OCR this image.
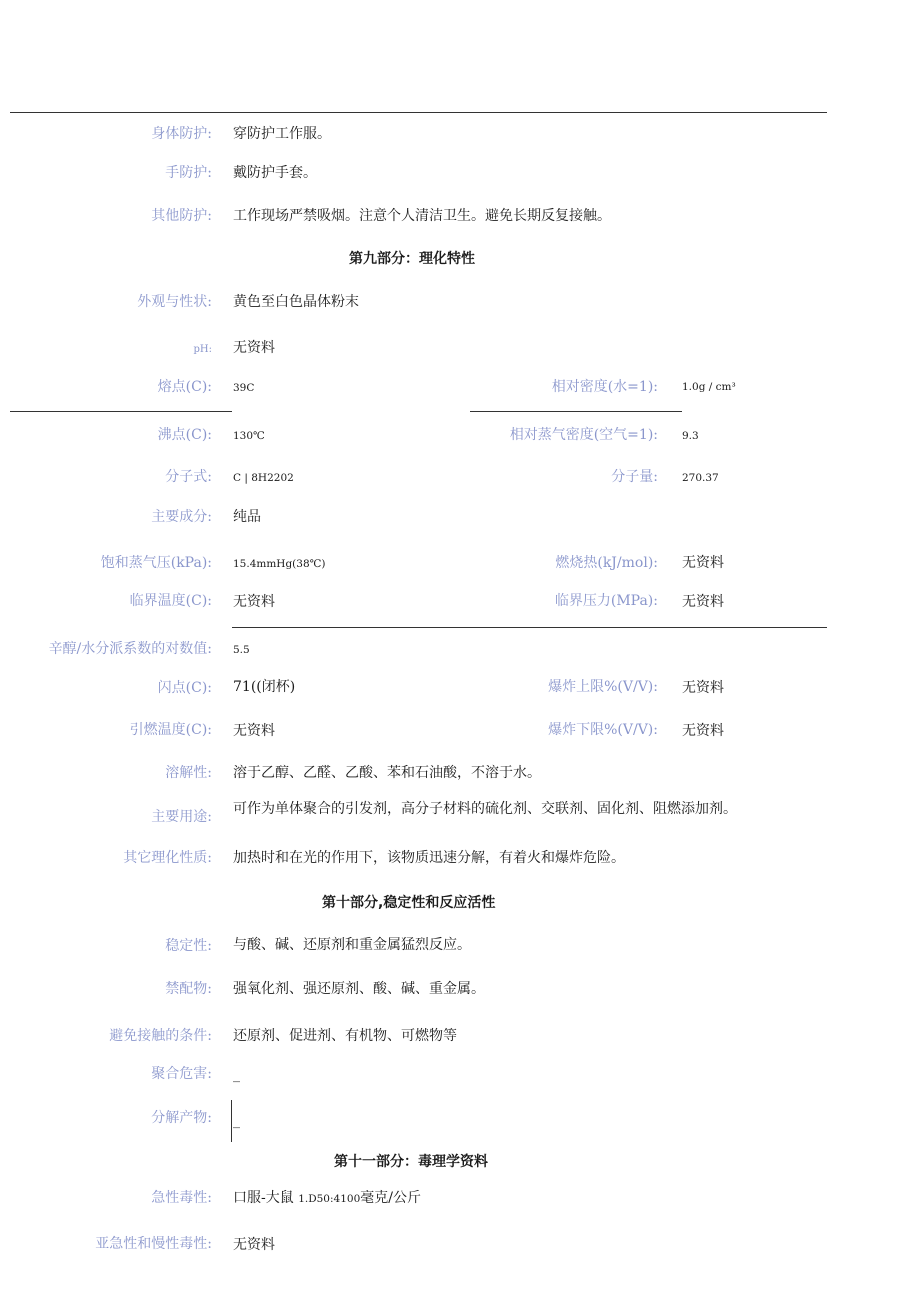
身体防护: 穿防护工作服。
手防护: 戴防护手套。
其他防护: 工作现场严禁吸烟。注意个人清洁卫生。避免长期反复接触。
第九部分：理化特性
外观与性状: 黄色至白色晶体粉末
pH: 无资料
熔点(C): 39C	相对密度(水=1): 1.0g / cm³
沸点(C): 130℃	相对蒸气密度(空气=1): 9.3
分子式: C | 8H2202	分子量: 270.37
主要成分: 纯品
饱和蒸气压(kPa): 15.4mmHg(38℃)	燃烧热(kJ/mol): 无资料
临界温度(C): 无资料	临界压力(MPa): 无资料
辛醇/水分派系数的对数值: 5.5
闪点(C): 71((闭杯)	爆炸上限%(V/V): 无资料
引燃温度(C): 无资料	爆炸下限%(V/V): 无资料
溶解性: 溶于乙醇、乙醛、乙酸、苯和石油酸，不溶于水。
主要用途: 可作为单体聚合的引发剂，高分子材料的硫化剂、交联剂、固化剂、阻燃添加剂。
其它理化性质: 加热时和在光的作用下，该物质迅速分解，有着火和爆炸危险。
第十部分,稳定性和反应活性
稳定性: 与酸、碱、还原剂和重金属猛烈反应。
禁配物: 强氧化剂、强还原剂、酸、碱、重金属。
避免接触的条件: 还原剂、促进剂、有机物、可燃物等
聚合危害: _
分解产物: _
第十一部分：毒理学资料
急性毒性: 口服-大鼠 1.D50:4100毫克/公斤
亚急性和慢性毒性: 无资料
